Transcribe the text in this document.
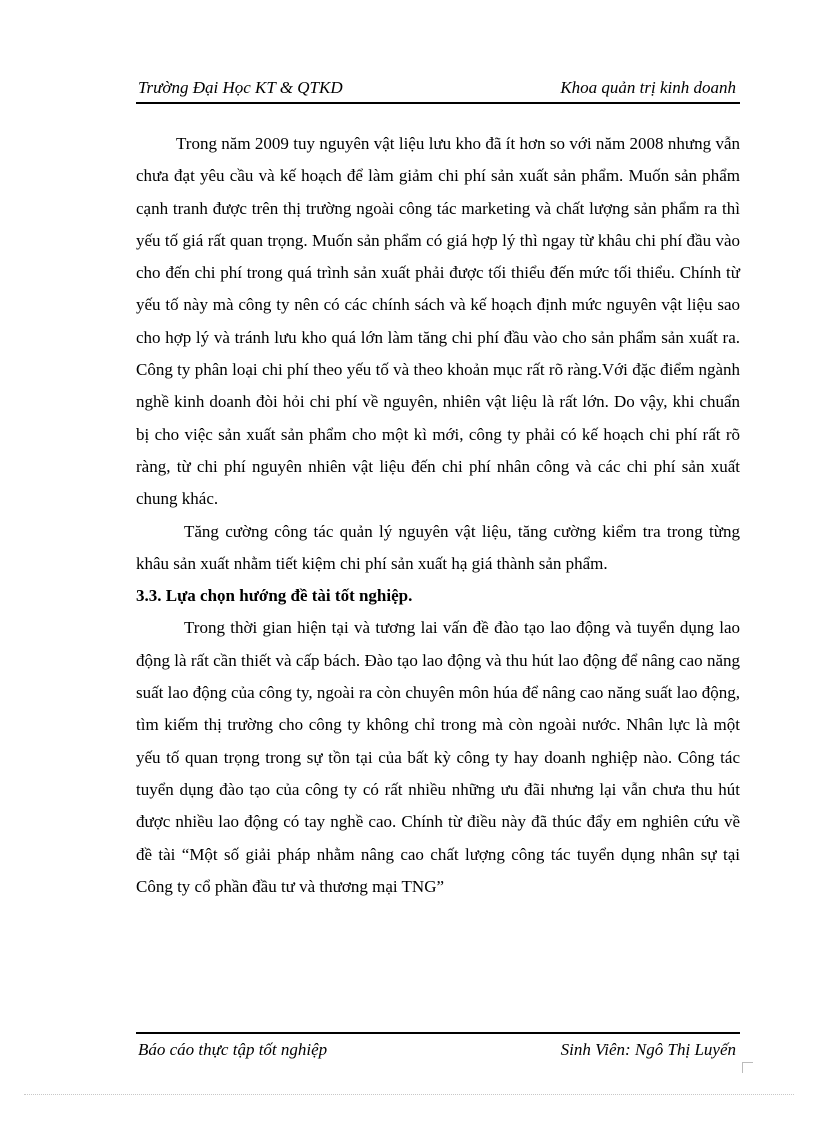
Trường Đại Học KT & QTKD	Khoa quản trị kinh doanh

Trong năm 2009 tuy nguyên vật liệu lưu kho đã ít hơn so với năm 2008 nhưng vẫn chưa đạt yêu cầu và kế hoạch để làm giảm chi phí sản xuất sản phẩm. Muốn sản phẩm cạnh tranh được trên thị trường ngoài công tác marketing và chất lượng sản phẩm ra thì yếu tố giá rất quan trọng. Muốn sản phẩm có giá hợp lý thì ngay từ khâu chi phí đầu vào cho đến chi phí trong quá trình sản xuất phải được tối thiểu đến mức tối thiểu. Chính từ yếu tố này mà công ty nên có các chính sách và kế hoạch định mức nguyên vật liệu sao cho hợp lý và tránh lưu kho quá lớn làm tăng chi phí đầu vào cho sản phẩm sản xuất ra. Công ty phân loại chi phí theo yếu tố và theo khoản mục rất rõ ràng.Với đặc điểm ngành nghề kinh doanh đòi hỏi chi phí về nguyên, nhiên vật liệu là rất lớn. Do vậy, khi chuẩn bị cho việc sản xuất sản phẩm cho một kì mới, công ty phải có kế hoạch chi phí rất rõ ràng, từ chi phí nguyên nhiên vật liệu đến chi phí nhân công và các chi phí sản xuất chung khác.

Tăng cường công tác quản lý nguyên vật liệu, tăng cường kiểm tra trong từng khâu sản xuất nhằm tiết kiệm chi phí sản xuất hạ giá thành sản phẩm.

3.3. Lựa chọn hướng đề tài tốt nghiệp.

Trong thời gian hiện tại và tương lai vấn đề đào tạo lao động và tuyển dụng lao động là rất cần thiết và cấp bách. Đào tạo lao động và thu hút lao động để nâng cao năng suất lao động của công ty, ngoài ra còn chuyên môn húa để nâng cao năng suất lao động, tìm kiếm thị trường cho công ty không chỉ trong mà còn ngoài nước. Nhân lực là một yếu tố quan trọng trong sự tồn tại của bất kỳ công ty hay doanh nghiệp nào. Công tác tuyển dụng đào tạo của công ty có rất nhiều những ưu đãi nhưng lại vẫn chưa thu hút được nhiều lao động có tay nghề cao. Chính từ điều này đã thúc đẩy em nghiên cứu về đề tài “Một số giải pháp nhằm nâng cao chất lượng công tác tuyển dụng nhân sự tại Công ty cổ phần đầu tư và thương mại TNG”

Báo cáo thực tập tốt nghiệp	Sinh Viên: Ngô Thị Luyến
